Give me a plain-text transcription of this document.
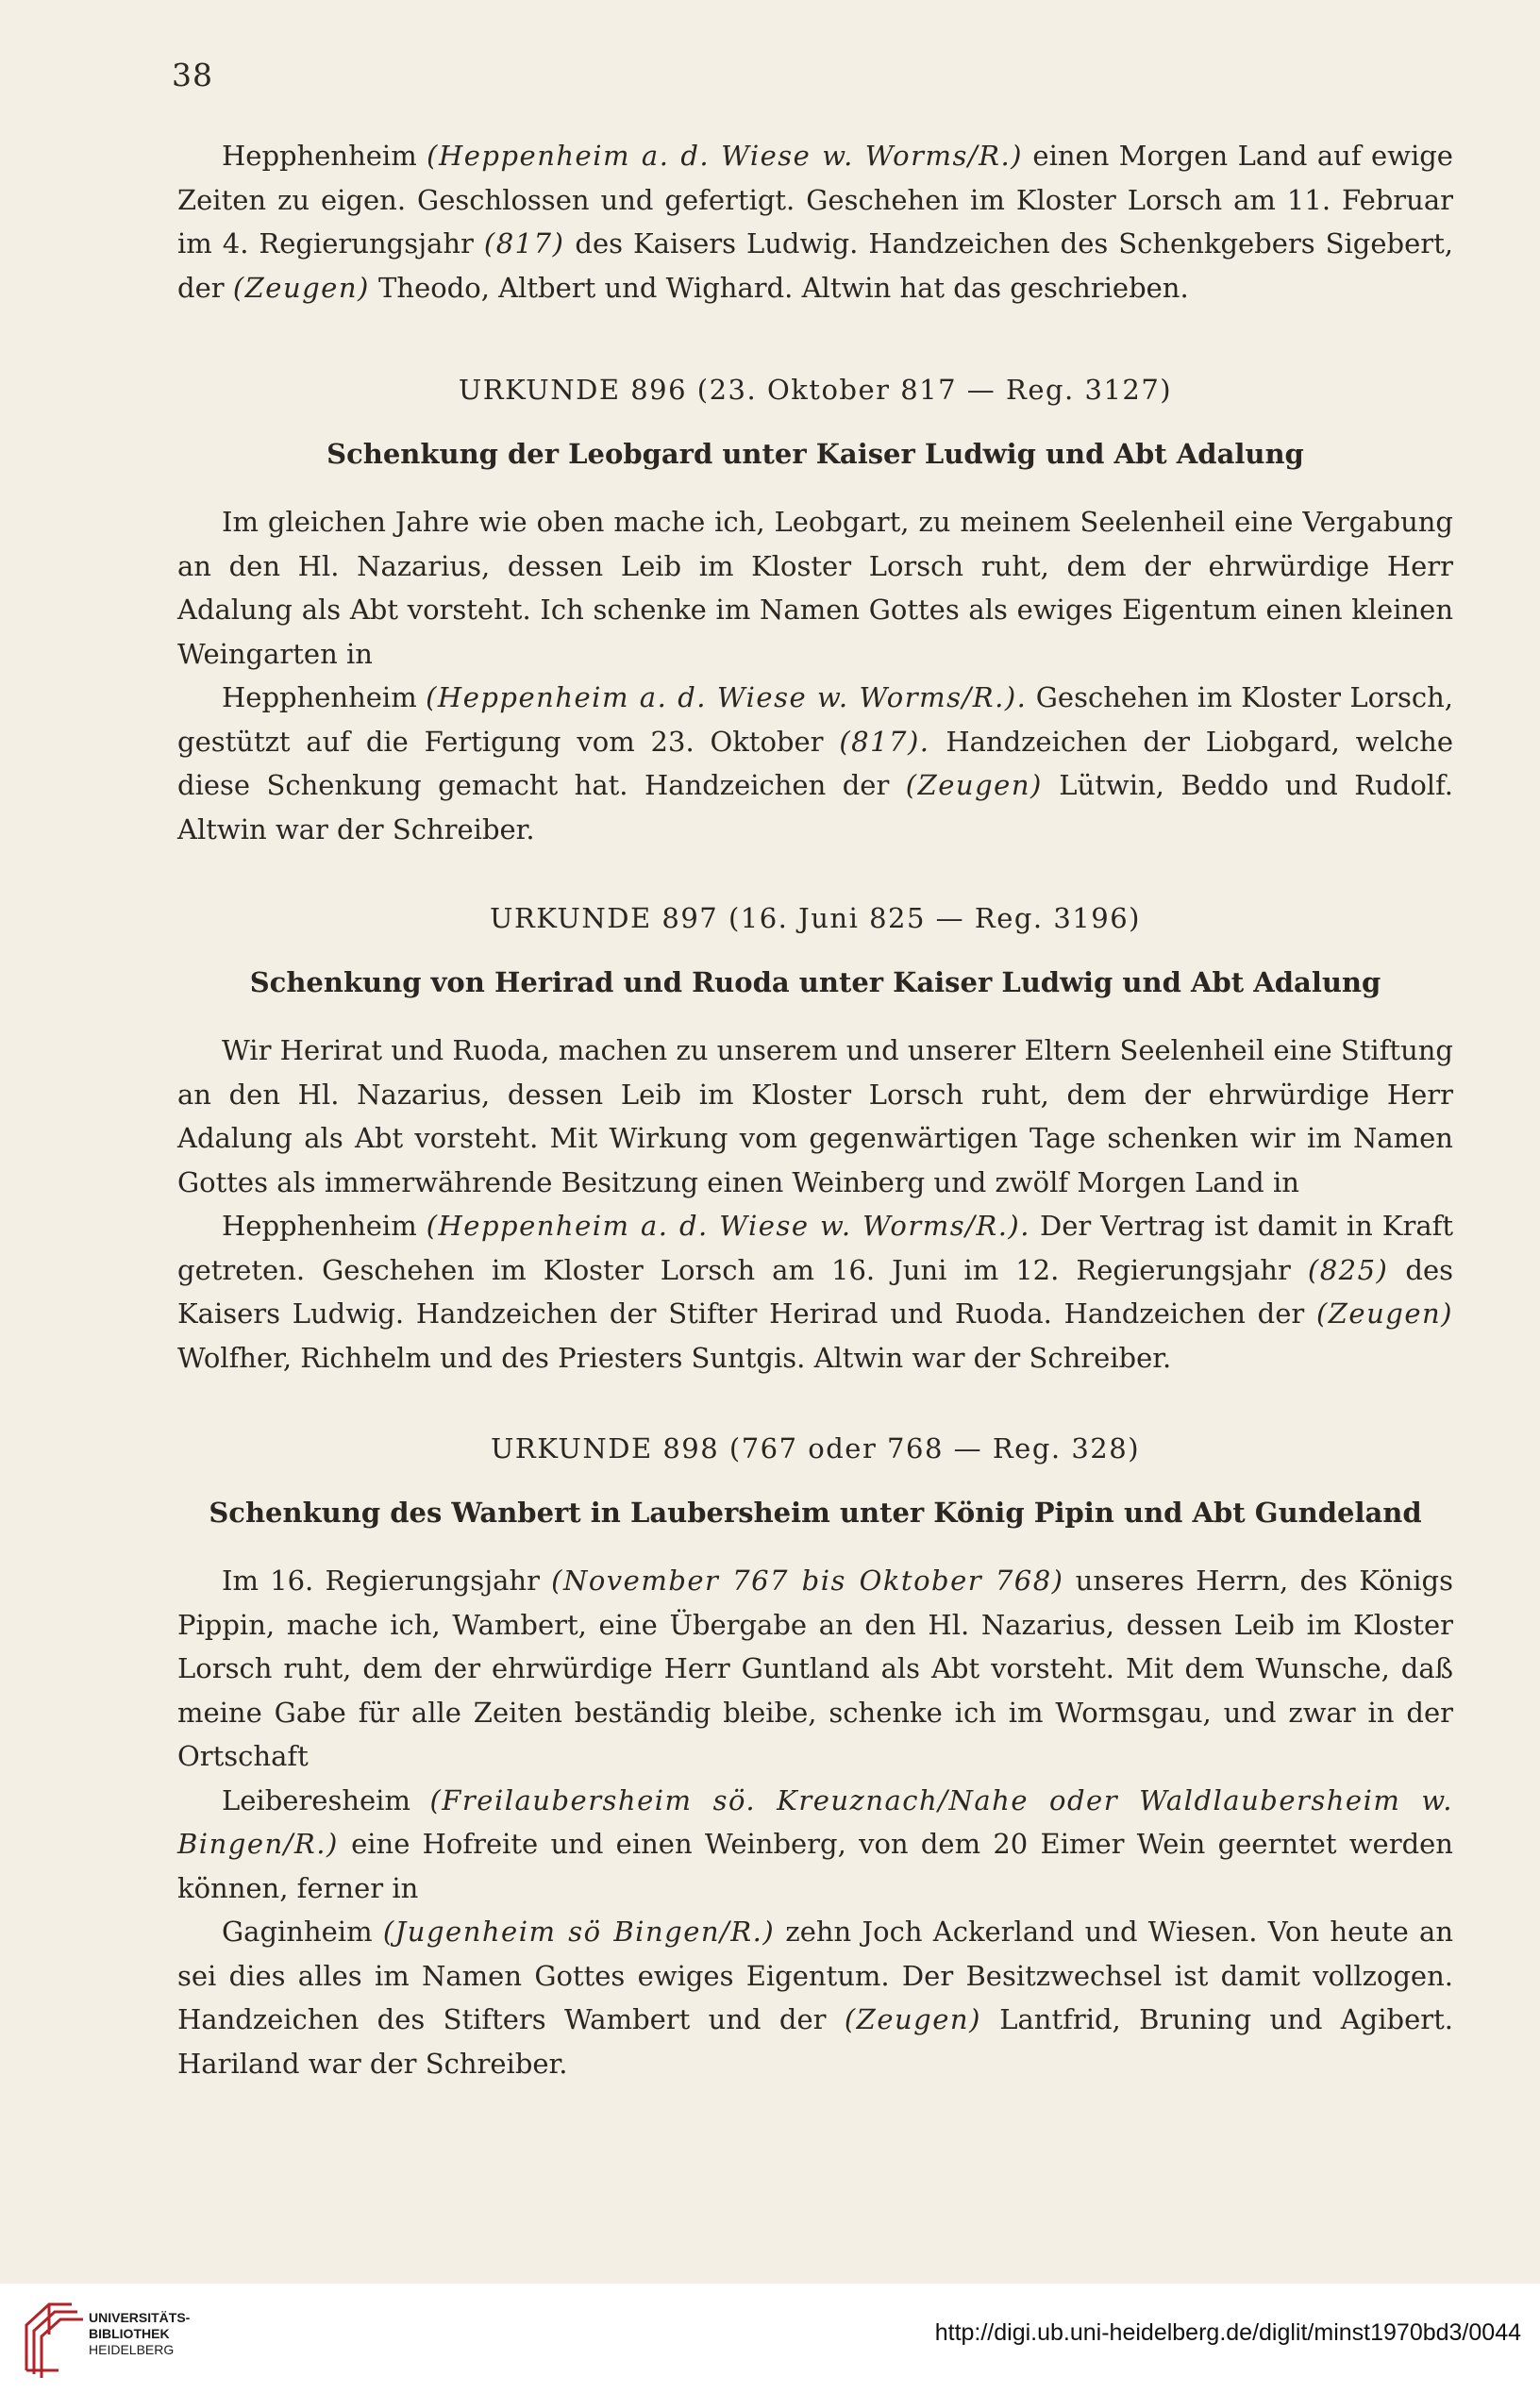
38

Hepphenheim (Heppenheim a. d. Wiese w. Worms/R.) einen Morgen Land auf ewige Zeiten zu eigen. Geschlossen und gefertigt. Geschehen im Kloster Lorsch am 11. Februar im 4. Regierungsjahr (817) des Kaisers Ludwig. Handzeichen des Schenkgebers Sigebert, der (Zeugen) Theodo, Altbert und Wighard. Altwin hat das geschrieben.

URKUNDE 896 (23. Oktober 817 — Reg. 3127)
Schenkung der Leobgard unter Kaiser Ludwig und Abt Adalung

Im gleichen Jahre wie oben mache ich, Leobgart, zu meinem Seelenheil eine Vergabung an den Hl. Nazarius, dessen Leib im Kloster Lorsch ruht, dem der ehrwürdige Herr Adalung als Abt vorsteht. Ich schenke im Namen Gottes als ewiges Eigentum einen kleinen Weingarten in

Hepphenheim (Heppenheim a. d. Wiese w. Worms/R.). Geschehen im Kloster Lorsch, gestützt auf die Fertigung vom 23. Oktober (817). Handzeichen der Liobgard, welche diese Schenkung gemacht hat. Handzeichen der (Zeugen) Lütwin, Beddo und Rudolf. Altwin war der Schreiber.

URKUNDE 897 (16. Juni 825 — Reg. 3196)
Schenkung von Herirad und Ruoda unter Kaiser Ludwig und Abt Adalung

Wir Herirat und Ruoda, machen zu unserem und unserer Eltern Seelenheil eine Stiftung an den Hl. Nazarius, dessen Leib im Kloster Lorsch ruht, dem der ehrwürdige Herr Adalung als Abt vorsteht. Mit Wirkung vom gegenwärtigen Tage schenken wir im Namen Gottes als immerwährende Besitzung einen Weinberg und zwölf Morgen Land in

Hepphenheim (Heppenheim a. d. Wiese w. Worms/R.). Der Vertrag ist damit in Kraft getreten. Geschehen im Kloster Lorsch am 16. Juni im 12. Regierungsjahr (825) des Kaisers Ludwig. Handzeichen der Stifter Herirad und Ruoda. Handzeichen der (Zeugen) Wolfher, Richhelm und des Priesters Suntgis. Altwin war der Schreiber.

URKUNDE 898 (767 oder 768 — Reg. 328)
Schenkung des Wanbert in Laubersheim unter König Pipin und Abt Gundeland

Im 16. Regierungsjahr (November 767 bis Oktober 768) unseres Herrn, des Königs Pippin, mache ich, Wambert, eine Übergabe an den Hl. Nazarius, dessen Leib im Kloster Lorsch ruht, dem der ehrwürdige Herr Guntland als Abt vorsteht. Mit dem Wunsche, daß meine Gabe für alle Zeiten beständig bleibe, schenke ich im Wormsgau, und zwar in der Ortschaft

Leiberesheim (Freilaubersheim sö. Kreuznach/Nahe oder Waldlaubersheim w. Bingen/R.) eine Hofreite und einen Weinberg, von dem 20 Eimer Wein geerntet werden können, ferner in

Gaginheim (Jugenheim sö Bingen/R.) zehn Joch Ackerland und Wiesen. Von heute an sei dies alles im Namen Gottes ewiges Eigentum. Der Besitzwechsel ist damit vollzogen. Handzeichen des Stifters Wambert und der (Zeugen) Lantfrid, Bruning und Agibert. Hariland war der Schreiber.

UNIVERSITÄTS-
BIBLIOTHEK
HEIDELBERG
http://digi.ub.uni-heidelberg.de/diglit/minst1970bd3/0044
